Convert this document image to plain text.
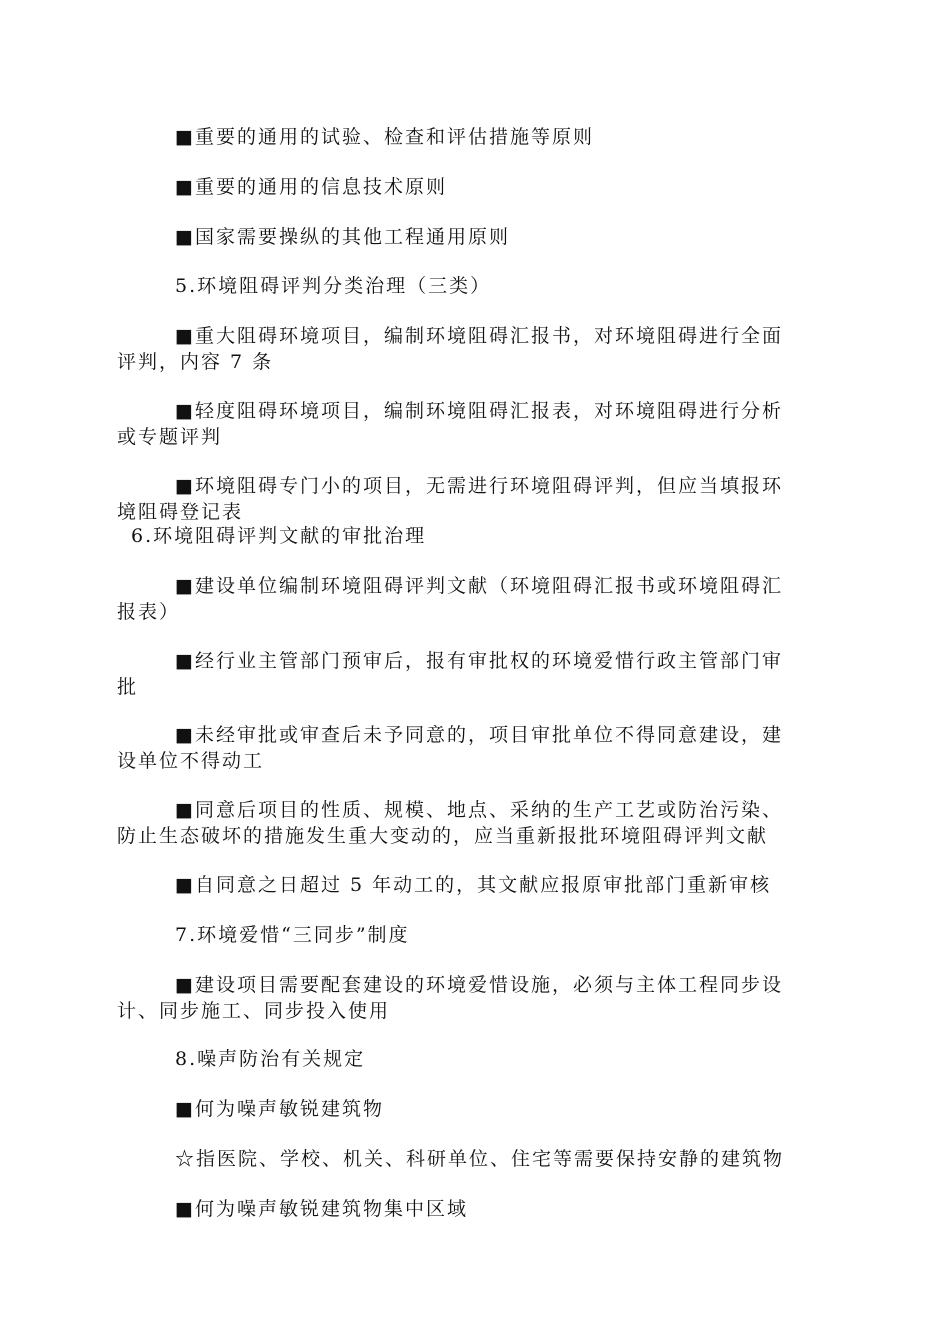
■重要的通用的试验、检查和评估措施等原则
■重要的通用的信息技术原则
■国家需要操纵的其他工程通用原则
5.环境阻碍评判分类治理（三类）
■重大阻碍环境项目，编制环境阻碍汇报书，对环境阻碍进行全面
评判，内容 7 条
■轻度阻碍环境项目，编制环境阻碍汇报表，对环境阻碍进行分析
或专题评判
■环境阻碍专门小的项目，无需进行环境阻碍评判，但应当填报环
境阻碍登记表
6.环境阻碍评判文献的审批治理
■建设单位编制环境阻碍评判文献（环境阻碍汇报书或环境阻碍汇
报表）
■经行业主管部门预审后，报有审批权的环境爱惜行政主管部门审
批
■未经审批或审查后未予同意的，项目审批单位不得同意建设，建
设单位不得动工
■同意后项目的性质、规模、地点、采纳的生产工艺或防治污染、
防止生态破坏的措施发生重大变动的，应当重新报批环境阻碍评判文献
■自同意之日超过 5 年动工的，其文献应报原审批部门重新审核
7.环境爱惜“三同步”制度
■建设项目需要配套建设的环境爱惜设施，必须与主体工程同步设
计、同步施工、同步投入使用
8.噪声防治有关规定
■何为噪声敏锐建筑物
☆指医院、学校、机关、科研单位、住宅等需要保持安静的建筑物
■何为噪声敏锐建筑物集中区域
